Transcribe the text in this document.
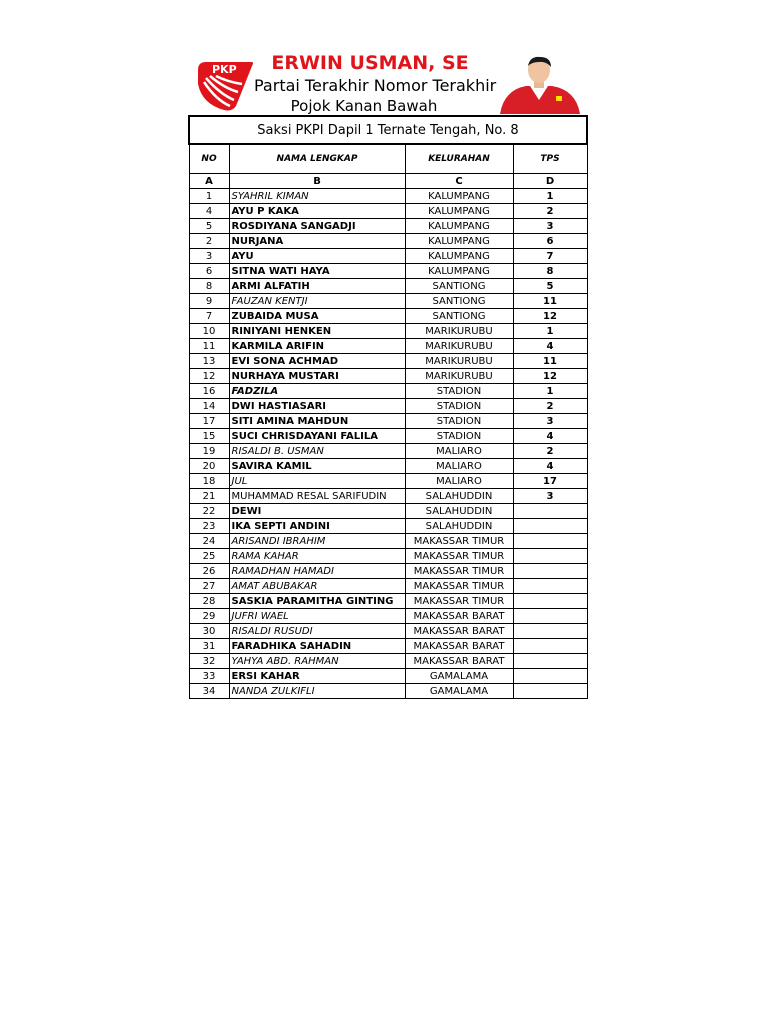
PKP	ERWIN USMAN, SE
Partai Terakhir Nomor Terakhir
Pojok Kanan Bawah
Saksi PKPI Dapil 1 Ternate Tengah, No. 8			
NO	NAMA LENGKAP	KELURAHAN	TPS
A	B	C	D
1	SYAHRIL KIMAN	KALUMPANG	1
4	AYU P KAKA	KALUMPANG	2
5	ROSDIYANA SANGADJI	KALUMPANG	3
2	NURJANA	KALUMPANG	6
3	AYU	KALUMPANG	7
6	SITNA WATI HAYA	KALUMPANG	8
8	ARMI ALFATIH	SANTIONG	5
9	FAUZAN KENTJI	SANTIONG	11
7	ZUBAIDA MUSA	SANTIONG	12
10	RINIYANI HENKEN	MARIKURUBU	1
11	KARMILA ARIFIN	MARIKURUBU	4
13	EVI SONA ACHMAD	MARIKURUBU	11
12	NURHAYA MUSTARI	MARIKURUBU	12
16	FADZILA	STADION	1
14	DWI HASTIASARI	STADION	2
17	SITI AMINA MAHDUN	STADION	3
15	SUCI CHRISDAYANI FALILA	STADION	4
19	RISALDI B. USMAN	MALIARO	2
20	SAVIRA KAMIL	MALIARO	4
18	JUL	MALIARO	17
21	MUHAMMAD RESAL SARIFUDIN	SALAHUDDIN	3
22	DEWI	SALAHUDDIN	
23	IKA SEPTI ANDINI	SALAHUDDIN	
24	ARISANDI IBRAHIM	MAKASSAR TIMUR	
25	RAMA KAHAR	MAKASSAR TIMUR	
26	RAMADHAN HAMADI	MAKASSAR TIMUR	
27	AMAT ABUBAKAR	MAKASSAR TIMUR	
28	SASKIA PARAMITHA GINTING	MAKASSAR TIMUR	
29	JUFRI WAEL	MAKASSAR BARAT	
30	RISALDI RUSUDI	MAKASSAR BARAT	
31	FARADHIKA SAHADIN	MAKASSAR BARAT	
32	YAHYA ABD. RAHMAN	MAKASSAR BARAT	
33	ERSI KAHAR	GAMALAMA	
34	NANDA ZULKIFLI	GAMALAMA	
